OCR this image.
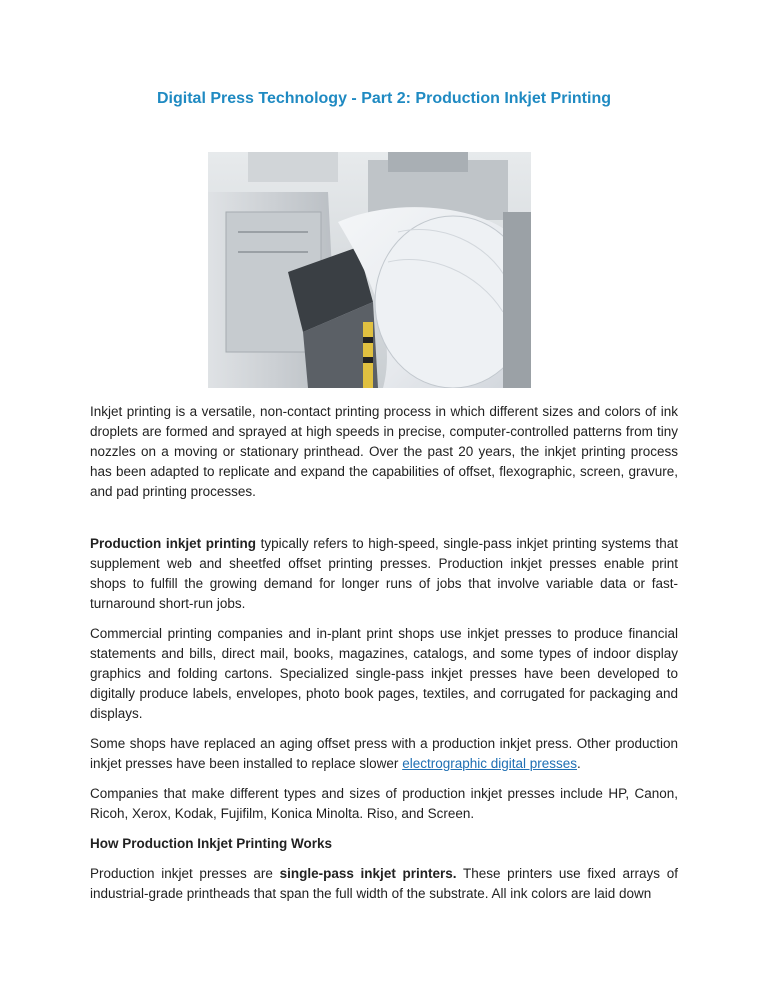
Digital Press Technology - Part 2: Production Inkjet Printing

Inkjet printing is a versatile, non-contact printing process in which different sizes and colors of ink droplets are formed and sprayed at high speeds in precise, computer-controlled patterns from tiny nozzles on a moving or stationary printhead. Over the past 20 years, the inkjet printing process has been adapted to replicate and expand the capabilities of offset, flexographic, screen, gravure, and pad printing processes.

Production inkjet printing typically refers to high-speed, single-pass inkjet printing systems that supplement web and sheetfed offset printing presses. Production inkjet presses enable print shops to fulfill the growing demand for longer runs of jobs that involve variable data or fast-turnaround short-run jobs.

Commercial printing companies and in-plant print shops use inkjet presses to produce financial statements and bills, direct mail, books, magazines, catalogs, and some types of indoor display graphics and folding cartons. Specialized single-pass inkjet presses have been developed to digitally produce labels, envelopes, photo book pages, textiles, and corrugated for packaging and displays.

Some shops have replaced an aging offset press with a production inkjet press. Other production inkjet presses have been installed to replace slower electrographic digital presses.

Companies that make different types and sizes of production inkjet presses include HP, Canon, Ricoh, Xerox, Kodak, Fujifilm, Konica Minolta. Riso, and Screen.

How Production Inkjet Printing Works

Production inkjet presses are single-pass inkjet printers. These printers use fixed arrays of industrial-grade printheads that span the full width of the substrate. All ink colors are laid down
